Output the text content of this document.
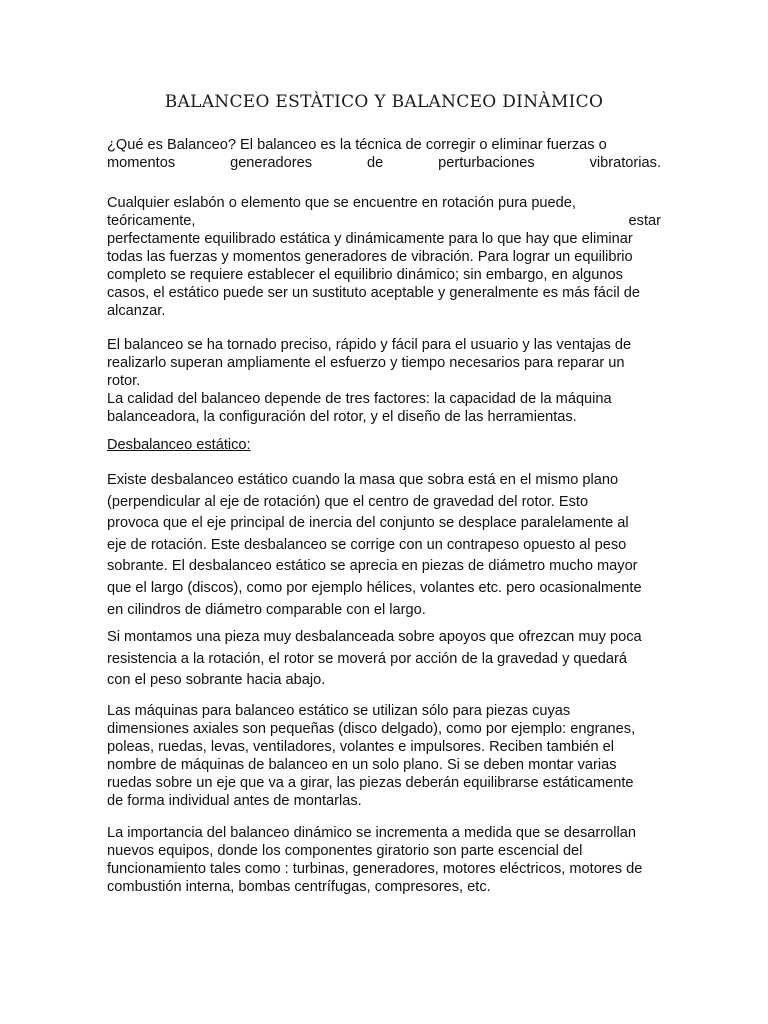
BALANCEO ESTÀTICO Y BALANCEO DINÀMICO
¿Qué es Balanceo? El balanceo es la técnica de corregir o eliminar fuerzas o
momentos	generadores	de	perturbaciones	vibratorias.
Cualquier eslabón o elemento que se encuentre en rotación pura puede,
teóricamente,	estar
perfectamente equilibrado estática y dinámicamente para lo que hay que eliminar
todas las fuerzas y momentos generadores de vibración. Para lograr un equilibrio
completo se requiere establecer el equilibrio dinámico; sin embargo, en algunos
casos, el estático puede ser un sustituto aceptable y generalmente es más fácil de
alcanzar.
El balanceo se ha tornado preciso, rápido y fácil para el usuario y las ventajas de
realizarlo superan ampliamente el esfuerzo y tiempo necesarios para reparar un
rotor.
La calidad del balanceo depende de tres factores: la capacidad de la máquina
balanceadora, la configuración del rotor, y el diseño de las herramientas.
Desbalanceo estático:
Existe desbalanceo estático cuando la masa que sobra está en el mismo plano
(perpendicular al eje de rotación) que el centro de gravedad del rotor. Esto
provoca que el eje principal de inercia del conjunto se desplace paralelamente al
eje de rotación. Este desbalanceo se corrige con un contrapeso opuesto al peso
sobrante. El desbalanceo estático se aprecia en piezas de diámetro mucho mayor
que el largo (discos), como por ejemplo hélices, volantes etc. pero ocasionalmente
en cilindros de diámetro comparable con el largo.
Si montamos una pieza muy desbalanceada sobre apoyos que ofrezcan muy poca
resistencia a la rotación, el rotor se moverá por acción de la gravedad y quedará
con el peso sobrante hacia abajo.
Las máquinas para balanceo estático se utilizan sólo para piezas cuyas
dimensiones axiales son pequeñas (disco delgado), como por ejemplo: engranes,
poleas, ruedas, levas, ventiladores, volantes e impulsores. Reciben también el
nombre de máquinas de balanceo en un solo plano. Si se deben montar varias
ruedas sobre un eje que va a girar, las piezas deberán equilibrarse estáticamente
de forma individual antes de montarlas.
La importancia del balanceo dinámico se incrementa a medida que se desarrollan
nuevos equipos, donde los componentes giratorio son parte escencial del
funcionamiento tales como : turbinas, generadores, motores eléctricos, motores de
combustión interna, bombas centrífugas, compresores, etc.
